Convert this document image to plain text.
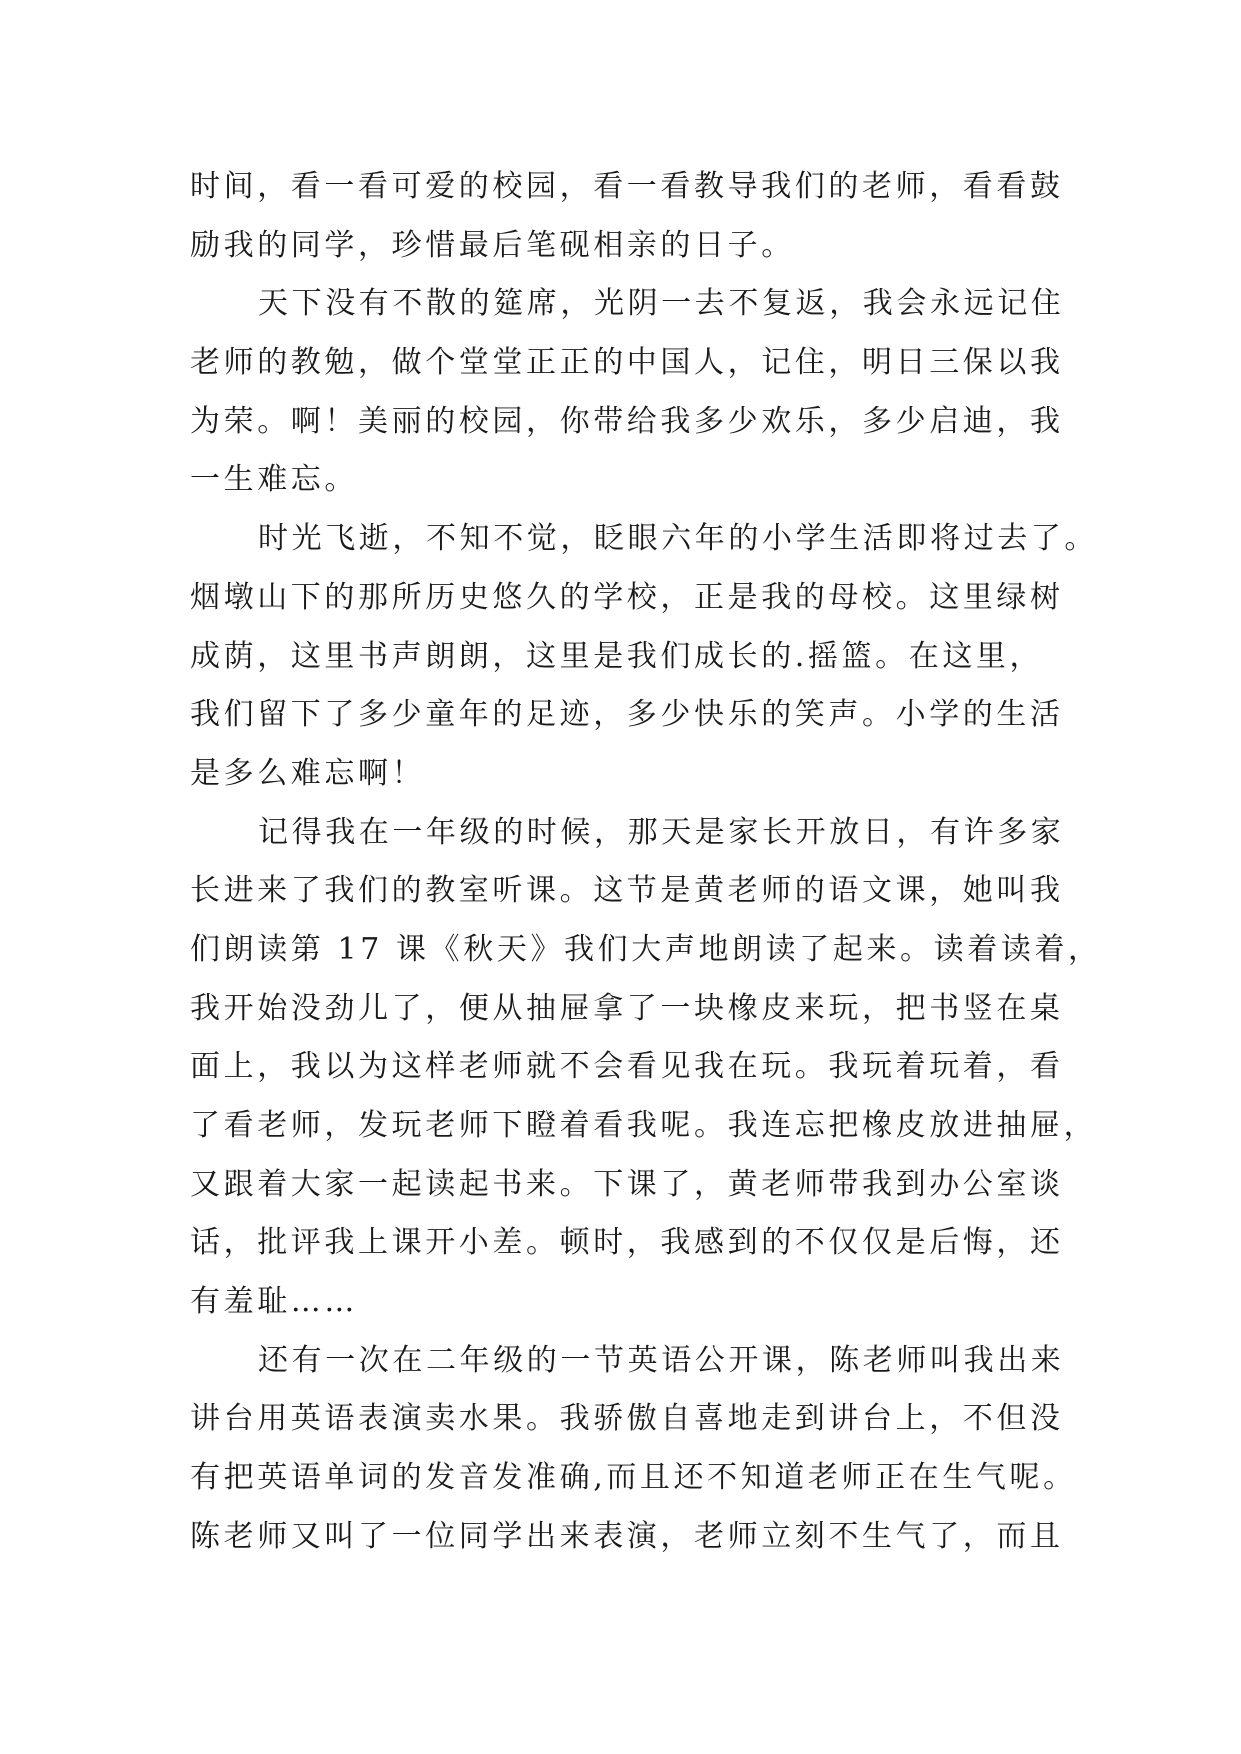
时间，看一看可爱的校园，看一看教导我们的老师，看看鼓
励我的同学，珍惜最后笔砚相亲的日子。
天下没有不散的筵席，光阴一去不复返，我会永远记住
老师的教勉，做个堂堂正正的中国人，记住，明日三保以我
为荣。啊！美丽的校园，你带给我多少欢乐，多少启迪，我
一生难忘。
时光飞逝，不知不觉，眨眼六年的小学生活即将过去了。
烟墩山下的那所历史悠久的学校，正是我的母校。这里绿树
成荫，这里书声朗朗，这里是我们成长的.摇篮。在这里，
我们留下了多少童年的足迹，多少快乐的笑声。小学的生活
是多么难忘啊！
记得我在一年级的时候，那天是家长开放日，有许多家
长进来了我们的教室听课。这节是黄老师的语文课，她叫我
们朗读第 17 课《秋天》我们大声地朗读了起来。读着读着，
我开始没劲儿了，便从抽屉拿了一块橡皮来玩，把书竖在桌
面上，我以为这样老师就不会看见我在玩。我玩着玩着，看
了看老师，发玩老师下瞪着看我呢。我连忘把橡皮放进抽屉，
又跟着大家一起读起书来。下课了，黄老师带我到办公室谈
话，批评我上课开小差。顿时，我感到的不仅仅是后悔，还
有羞耻……
还有一次在二年级的一节英语公开课，陈老师叫我出来
讲台用英语表演卖水果。我骄傲自喜地走到讲台上，不但没
有把英语单词的发音发准确,而且还不知道老师正在生气呢。
陈老师又叫了一位同学出来表演，老师立刻不生气了，而且
